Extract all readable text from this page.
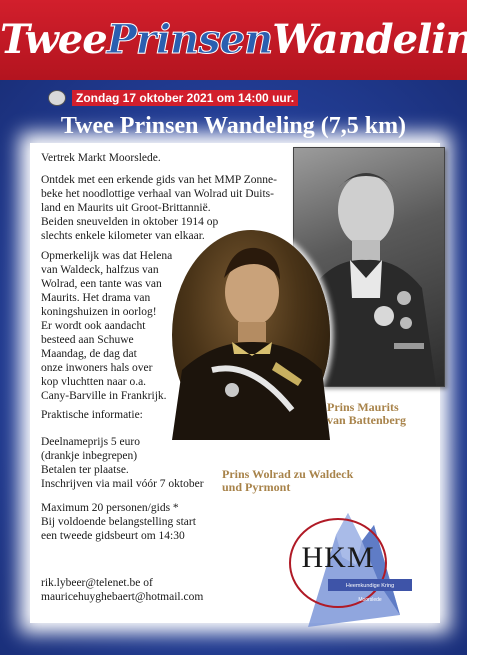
TweePrinsenWandeling
Zondag 17 oktober 2021 om 14:00 uur.
Twee Prinsen Wandeling (7,5 km)
Vertrek Markt Moorslede.

Ontdek met een erkende gids van het MMP Zonne-

beke het noodlottige verhaal van Wolrad uit Duits-

land en Maurits uit Groot-Brittannië.

Beiden sneuvelden in oktober 1914 op

slechts enkele kilometer van elkaar.

Opmerkelijk was dat Helena

van Waldeck, halfzus van

Wolrad, een tante was van

Maurits. Het drama van

koningshuizen in oorlog!

Er wordt ook aandacht

besteed aan Schuwe

Maandag, de dag dat

onze inwoners hals over

kop vluchtten naar o.a.

Cany-Barville in Frankrijk.

Praktische informatie:

Deelnameprijs 5 euro

(drankje inbegrepen)

Betalen ter plaatse.

Inschrijven via mail vóór 7 oktober

Maximum 20 personen/gids *

Bij voldoende belangstelling start

een tweede gidsbeurt om 14:30

rik.lybeer@telenet.be of

mauricehuyghebaert@hotmail.com

Prins Maurits
van Battenberg
Prins Wolrad zu Waldeck
und Pyrmont
Heemkundige Kring
Moorslede
HKM
